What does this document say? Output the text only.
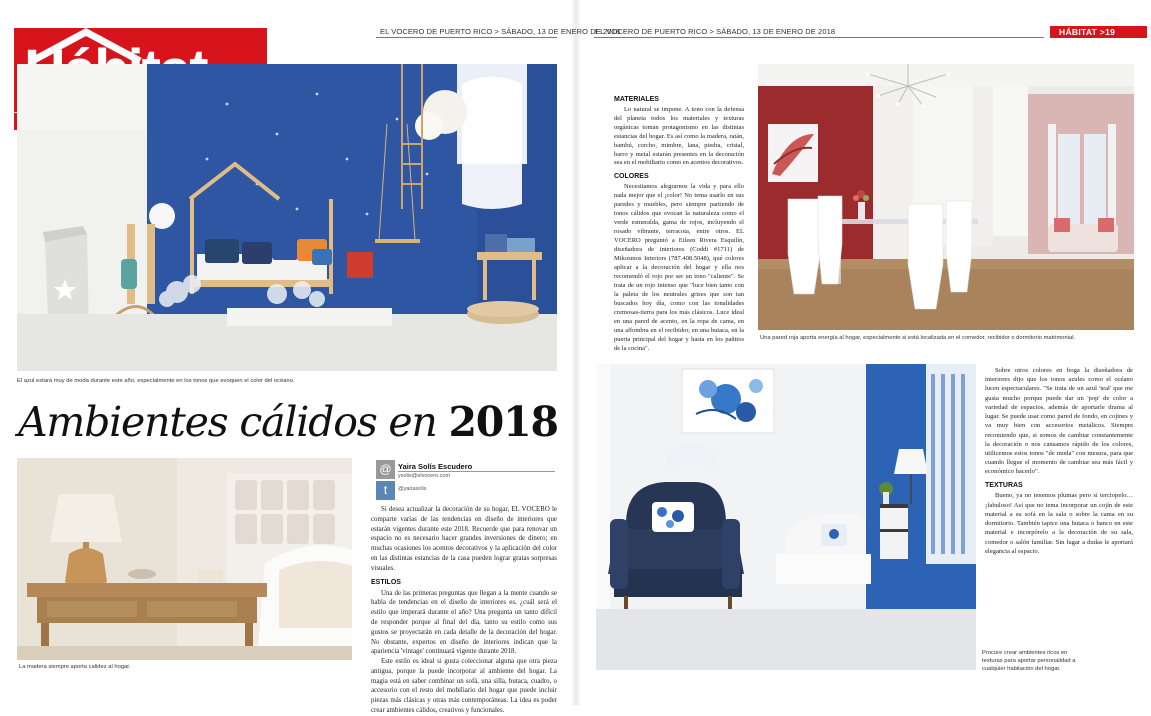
EL VOCERO DE PUERTO RICO > SÁBADO, 13 DE ENERO DE 2018
El azul estará muy de moda durante este año, especialmente en los tonos que evoquen el color del océano.
Ambientes cálidos en 2018
La madera siempre aporta calidez al hogar.
@
t
Yaira Solís Escudero
ysolis@elvocero.com
@yairasolis

Si desea actualizar la decoración de su hogar, EL VOCERO le comparte varias de las tendencias en diseño de interiores que estarán vigentes durante este 2018. Recuerde que para renovar un espacio no es necesario hacer grandes inversiones de dinero; en muchas ocasiones los acentos decorativos y la aplicación del color en las distintas estancias de la casa pueden lograr gratas sorpresas visuales.

ESTILOS

Una de las primeras preguntas que llegan a la mente cuando se habla de tendencias en el diseño de interiores es, ¿cuál será el estilo que imperará durante el año? Una pregunta un tanto difícil de responder porque al final del día, tanto su estilo como sus gustos se proyectarán en cada detalle de la decoración del hogar. No obstante, expertos en diseño de interiores indican que la apariencia 'vintage' continuará vigente durante 2018.

Este estilo es ideal si gusta coleccionar alguna que otra pieza antigua, porque la puede incorporar al ambiente del hogar. La magia está en saber combinar un sofá, una silla, butaca, cuadro, o accesorio con el resto del mobiliario del hogar que puede incluir piezas más clásicas y otras más contemporáneas. La idea es poder crear ambientes cálidos, creativos y funcionales.

EL VOCERO DE PUERTO RICO > SÁBADO, 13 DE ENERO DE 2018	HÁBITAT >19
MATERIALES

Lo natural se impone. A tono con la defensa del planeta todos los materiales y texturas orgánicas toman protagonismo en las distintas estancias del hogar. Es así como la madera, ratán, bambú, corcho, mimbre, lana, piedra, cristal, barro y metal estarán presentes en la decoración sea en el mobiliario como en acentos decorativos.

COLORES

Necesitamos alegrarnos la vida y para ello nada mejor que el ¡color! No tema usarlo en sus paredes y muebles, pero siempre partiendo de tonos cálidos que evocan la naturaleza como el verde esmeralda, gama de rojos, incluyendo el rosado vibrante, terracota, entre otros. EL VOCERO preguntó a Eileen Rivera Esquilín, diseñadora de interiores (Coddi #1711) de Mikosmos Interiors (787.408.5048), qué colores aplicar a la decoración del hogar y ella nos recomendó el rojo por ser un tono "caliente". Se trata de un rojo intenso que "luce bien tanto con la paleta de los neutrales grises que son tan buscados hoy día, como con las tonalidades cremosas-tierra para los más clásicos. Luce ideal en una pared de acento, en la ropa de cama, en una alfombra en el recibidor, en una butaca, en la puerta principal del hogar y hasta en los pañitos de la cocina".

Una pared roja aporta energía al hogar, especialmente si está localizada en el comedor, recibidor o dormitorio matrimonial.
Procure crear ambientes ricos en texturas para aportar personalidad a cualquier habitación del hogar.

Sobre otros colores en boga la diseñadora de interiores dijo que los tonos azules como el océano lucen espectaculares. "Se trata de un azul 'teal' que me gusta mucho porque puede dar un 'pop' de color a variedad de espacios, además de aportarle drama al lugar. Se puede usar como pared de fondo, en cojines y va muy bien con accesorios metálicos. Siempre recomiendo que, si somos de cambiar constantemente la decoración o nos cansamos rápido de los colores, utilicemos estos tonos "de moda" con mesura, para que cuando llegue el momento de cambiar sea más fácil y económico hacerlo".

TEXTURAS

Bueno, ya no tenemos plumas pero sí terciopelo… ¡fabuloso! Así que no tema incorporar un cojín de este material a su sofá en la sala o sobre la cama en su dormitorio. También tapice una butaca o banco en este material e incorpórelo a la decoración de su sala, comedor o salón familiar. Sin lugar a dudas le aportará elegancia al espacio.
